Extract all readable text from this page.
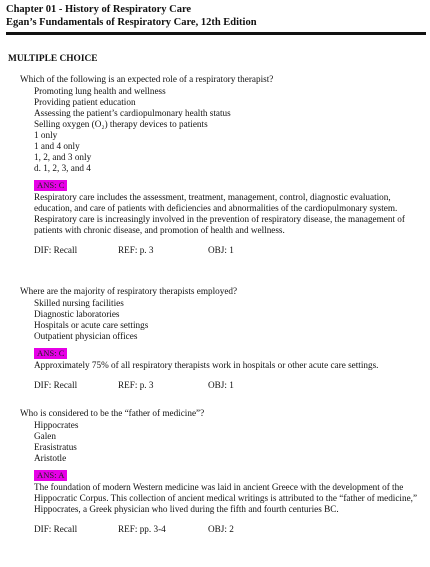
Chapter 01 - History of Respiratory Care
Egan’s Fundamentals of Respiratory Care, 12th Edition
MULTIPLE CHOICE
Which of the following is an expected role of a respiratory therapist?
Promoting lung health and wellness
Providing patient education
Assessing the patient’s cardiopulmonary health status
Selling oxygen (O₂) therapy devices to patients
1 only
1 and 4 only
1, 2, and 3 only
d. 1, 2, 3, and 4
ANS: C
Respiratory care includes the assessment, treatment, management, control, diagnostic evaluation, education, and care of patients with deficiencies and abnormalities of the cardiopulmonary system. Respiratory care is increasingly involved in the prevention of respiratory disease, the management of patients with chronic disease, and promotion of health and wellness.
DIF: Recall	REF: p. 3	OBJ: 1
Where are the majority of respiratory therapists employed?
Skilled nursing facilities
Diagnostic laboratories
Hospitals or acute care settings
Outpatient physician offices
ANS: C
Approximately 75% of all respiratory therapists work in hospitals or other acute care settings.
DIF: Recall	REF: p. 3	OBJ: 1
Who is considered to be the “father of medicine”?
Hippocrates
Galen
Erasistratus
Aristotle
ANS: A
The foundation of modern Western medicine was laid in ancient Greece with the development of the Hippocratic Corpus. This collection of ancient medical writings is attributed to the “father of medicine,” Hippocrates, a Greek physician who lived during the fifth and fourth centuries BC.
DIF: Recall	REF: pp. 3-4	OBJ: 2
